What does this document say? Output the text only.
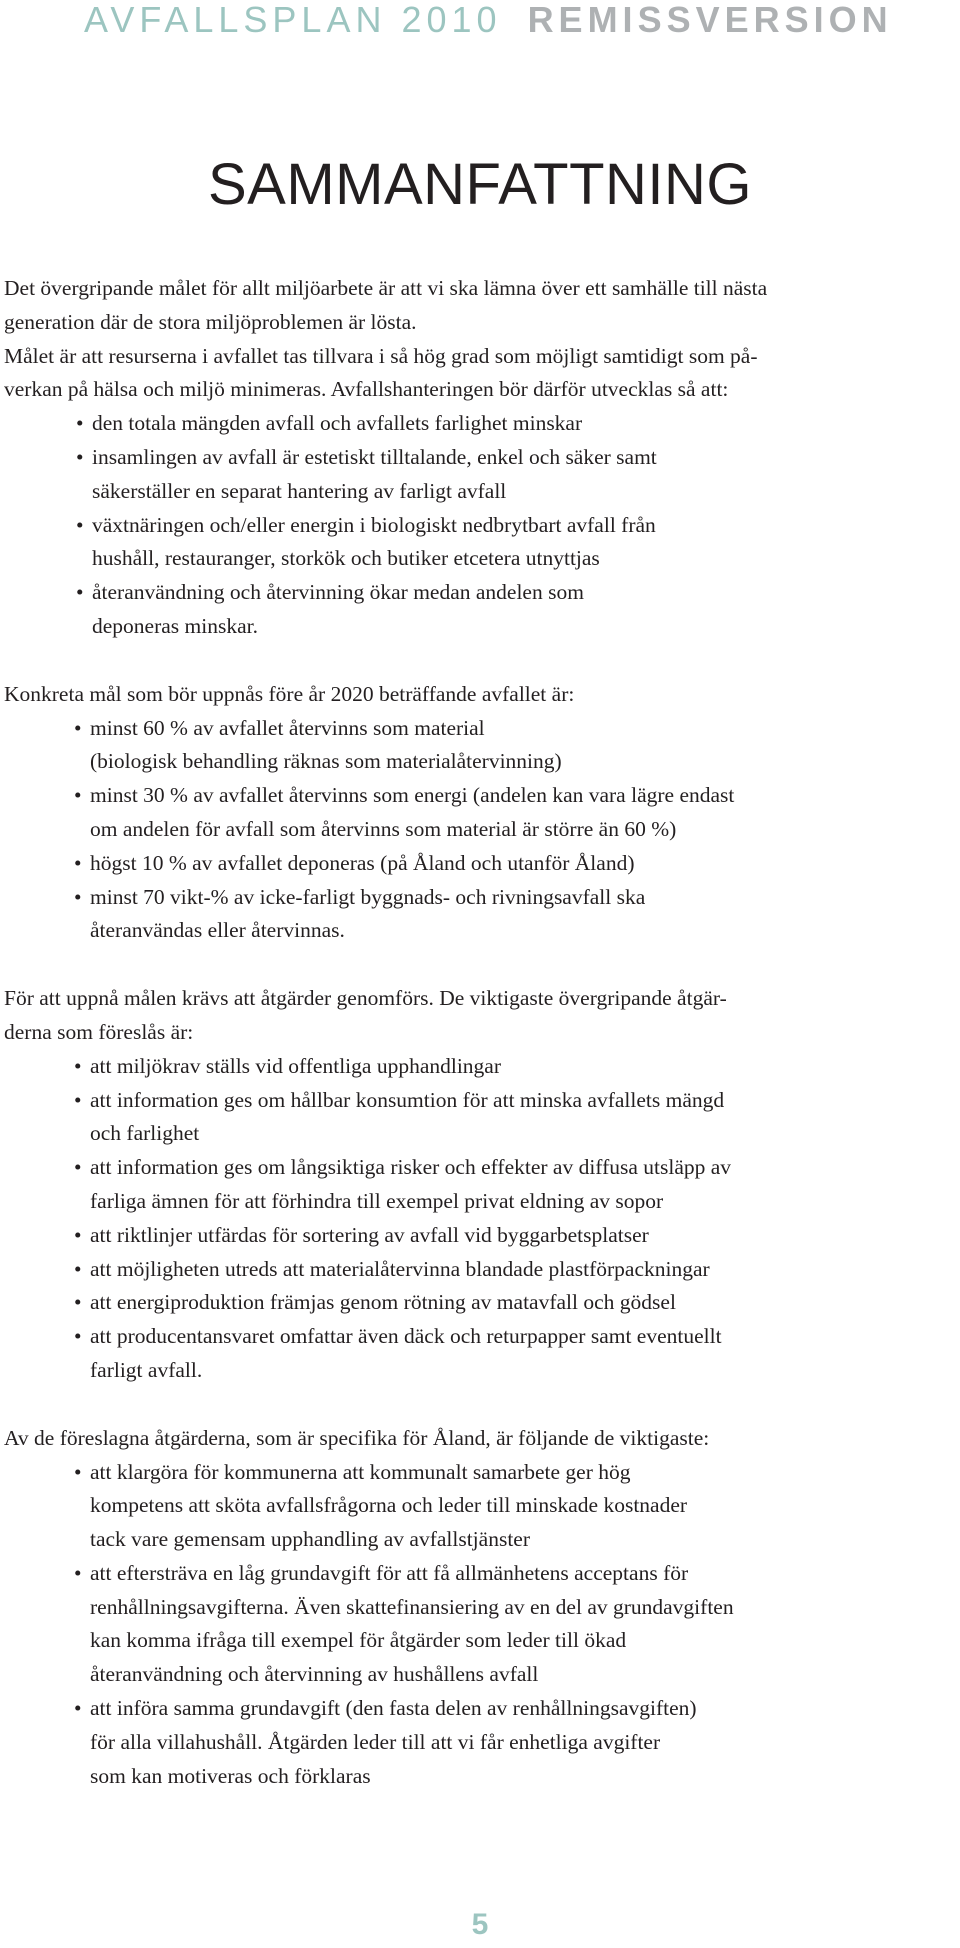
AVFALLSPLAN 2010 REMISSVERSION
SAMMANFATTNING

Det övergripande målet för allt miljöarbete är att vi ska lämna över ett samhälle till nästa

generation där de stora miljöproblemen är lösta.

Målet är att resurserna i avfallet tas tillvara i så hög grad som möjligt samtidigt som på-

verkan på hälsa och miljö minimeras. Avfallshanteringen bör därför utvecklas så att:

• den totala mängden avfall och avfallets farlighet minskar
• insamlingen av avfall är estetiskt tilltalande, enkel och säker samt
säkerställer en separat hantering av farligt avfall
• växtnäringen och/eller energin i biologiskt nedbrytbart avfall från
hushåll, restauranger, storkök och butiker etcetera utnyttjas
• återanvändning och återvinning ökar medan andelen som
deponeras minskar.

Konkreta mål som bör uppnås före år 2020 beträffande avfallet är:

• minst 60 % av avfallet återvinns som material
(biologisk behandling räknas som materialåtervinning)
• minst 30 % av avfallet återvinns som energi (andelen kan vara lägre endast
om andelen för avfall som återvinns som material är större än 60 %)
• högst 10 % av avfallet deponeras (på Åland och utanför Åland)
• minst 70 vikt-% av icke-farligt byggnads- och rivningsavfall ska
återanvändas eller återvinnas.

För att uppnå målen krävs att åtgärder genomförs. De viktigaste övergripande åtgär-

derna som föreslås är:

• att miljökrav ställs vid offentliga upphandlingar
• att information ges om hållbar konsumtion för att minska avfallets mängd
och farlighet
• att information ges om långsiktiga risker och effekter av diffusa utsläpp av
farliga ämnen för att förhindra till exempel privat eldning av sopor
• att riktlinjer utfärdas för sortering av avfall vid byggarbetsplatser
• att möjligheten utreds att materialåtervinna blandade plastförpackningar
• att energiproduktion främjas genom rötning av matavfall och gödsel
• att producentansvaret omfattar även däck och returpapper samt eventuellt
farligt avfall.

Av de föreslagna åtgärderna, som är specifika för Åland, är följande de viktigaste:

• att klargöra för kommunerna att kommunalt samarbete ger hög
kompetens att sköta avfallsfrågorna och leder till minskade kostnader
tack vare gemensam upphandling av avfallstjänster
• att eftersträva en låg grundavgift för att få allmänhetens acceptans för
renhållningsavgifterna. Även skattefinansiering av en del av grundavgiften
kan komma ifråga till exempel för åtgärder som leder till ökad
återanvändning och återvinning av hushållens avfall
• att införa samma grundavgift (den fasta delen av renhållningsavgiften)
för alla villahushåll. Åtgärden leder till att vi får enhetliga avgifter
som kan motiveras och förklaras
5
